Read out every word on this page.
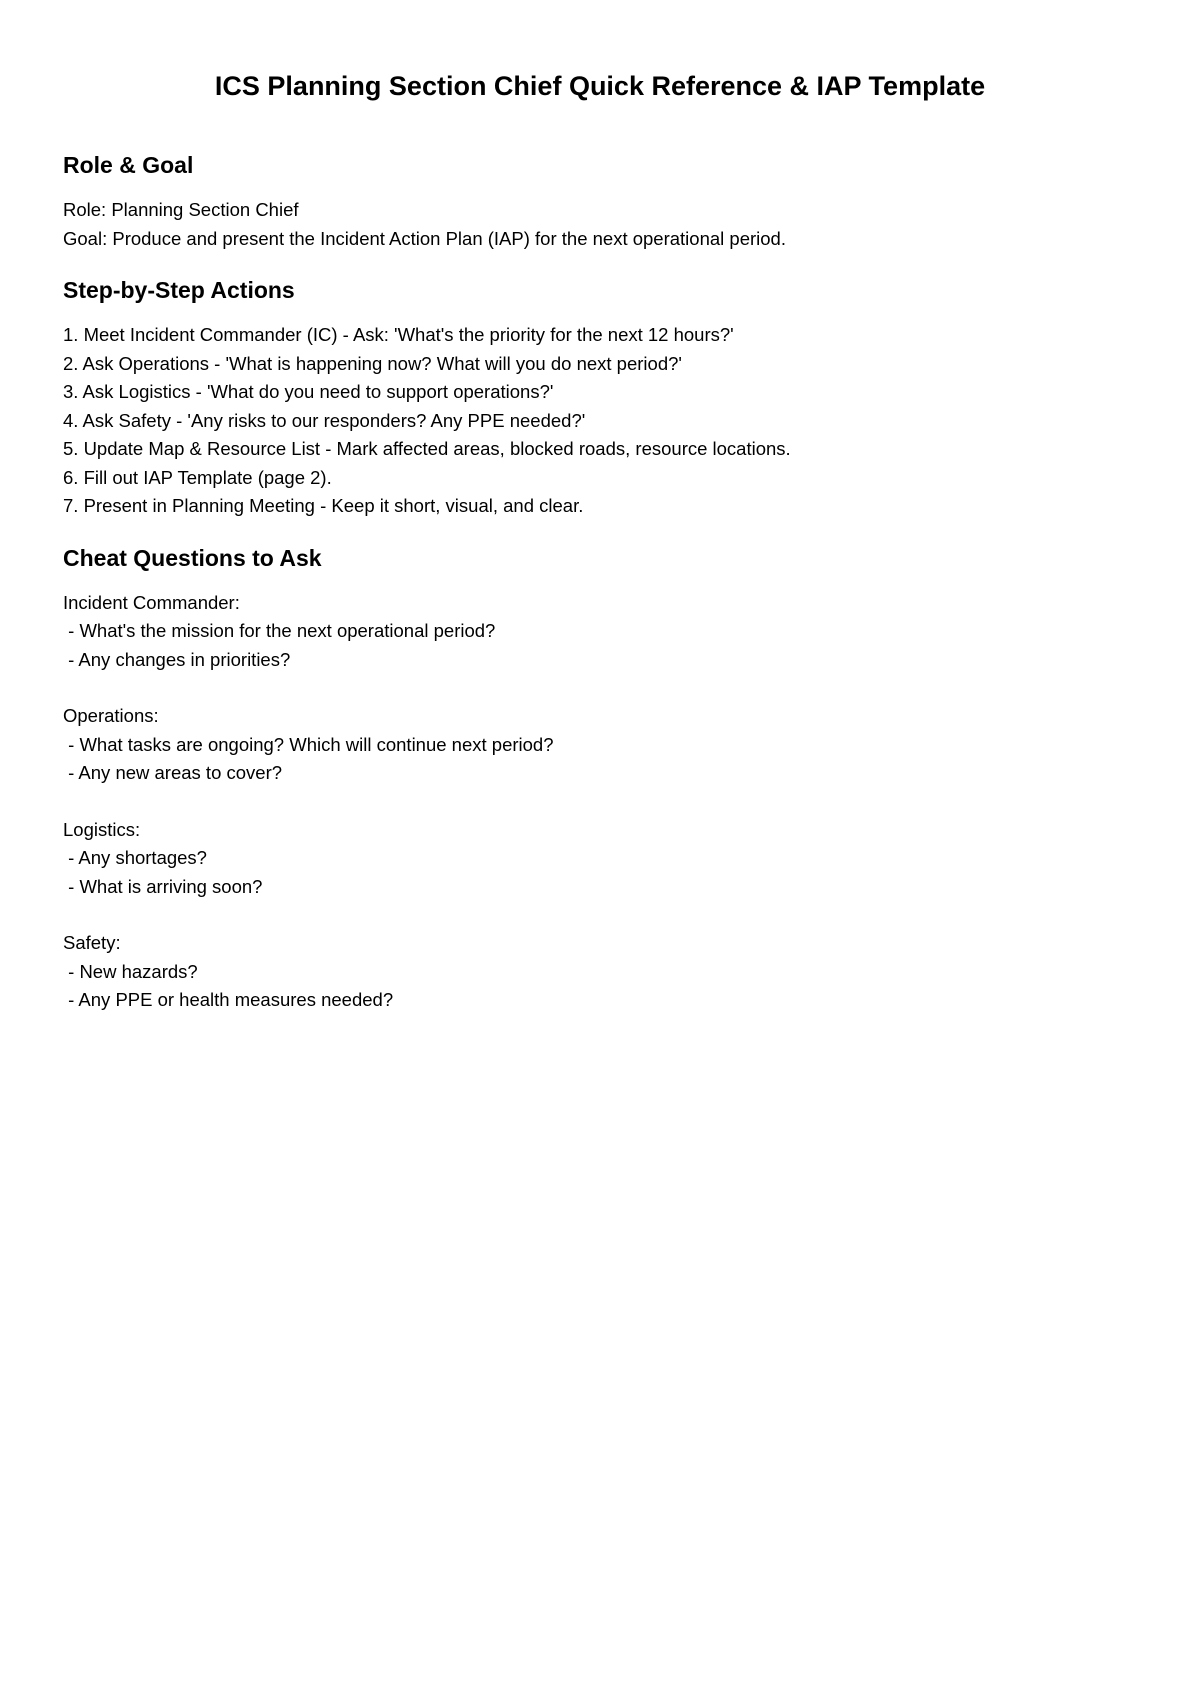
ICS Planning Section Chief Quick Reference & IAP Template
Role & Goal
Role: Planning Section Chief
Goal: Produce and present the Incident Action Plan (IAP) for the next operational period.
Step-by-Step Actions
1. Meet Incident Commander (IC) - Ask: 'What's the priority for the next 12 hours?'
2. Ask Operations - 'What is happening now? What will you do next period?'
3. Ask Logistics - 'What do you need to support operations?'
4. Ask Safety - 'Any risks to our responders? Any PPE needed?'
5. Update Map & Resource List - Mark affected areas, blocked roads, resource locations.
6. Fill out IAP Template (page 2).
7. Present in Planning Meeting - Keep it short, visual, and clear.
Cheat Questions to Ask
Incident Commander:
- What's the mission for the next operational period?
- Any changes in priorities?
Operations:
- What tasks are ongoing? Which will continue next period?
- Any new areas to cover?
Logistics:
- Any shortages?
- What is arriving soon?
Safety:
- New hazards?
- Any PPE or health measures needed?
